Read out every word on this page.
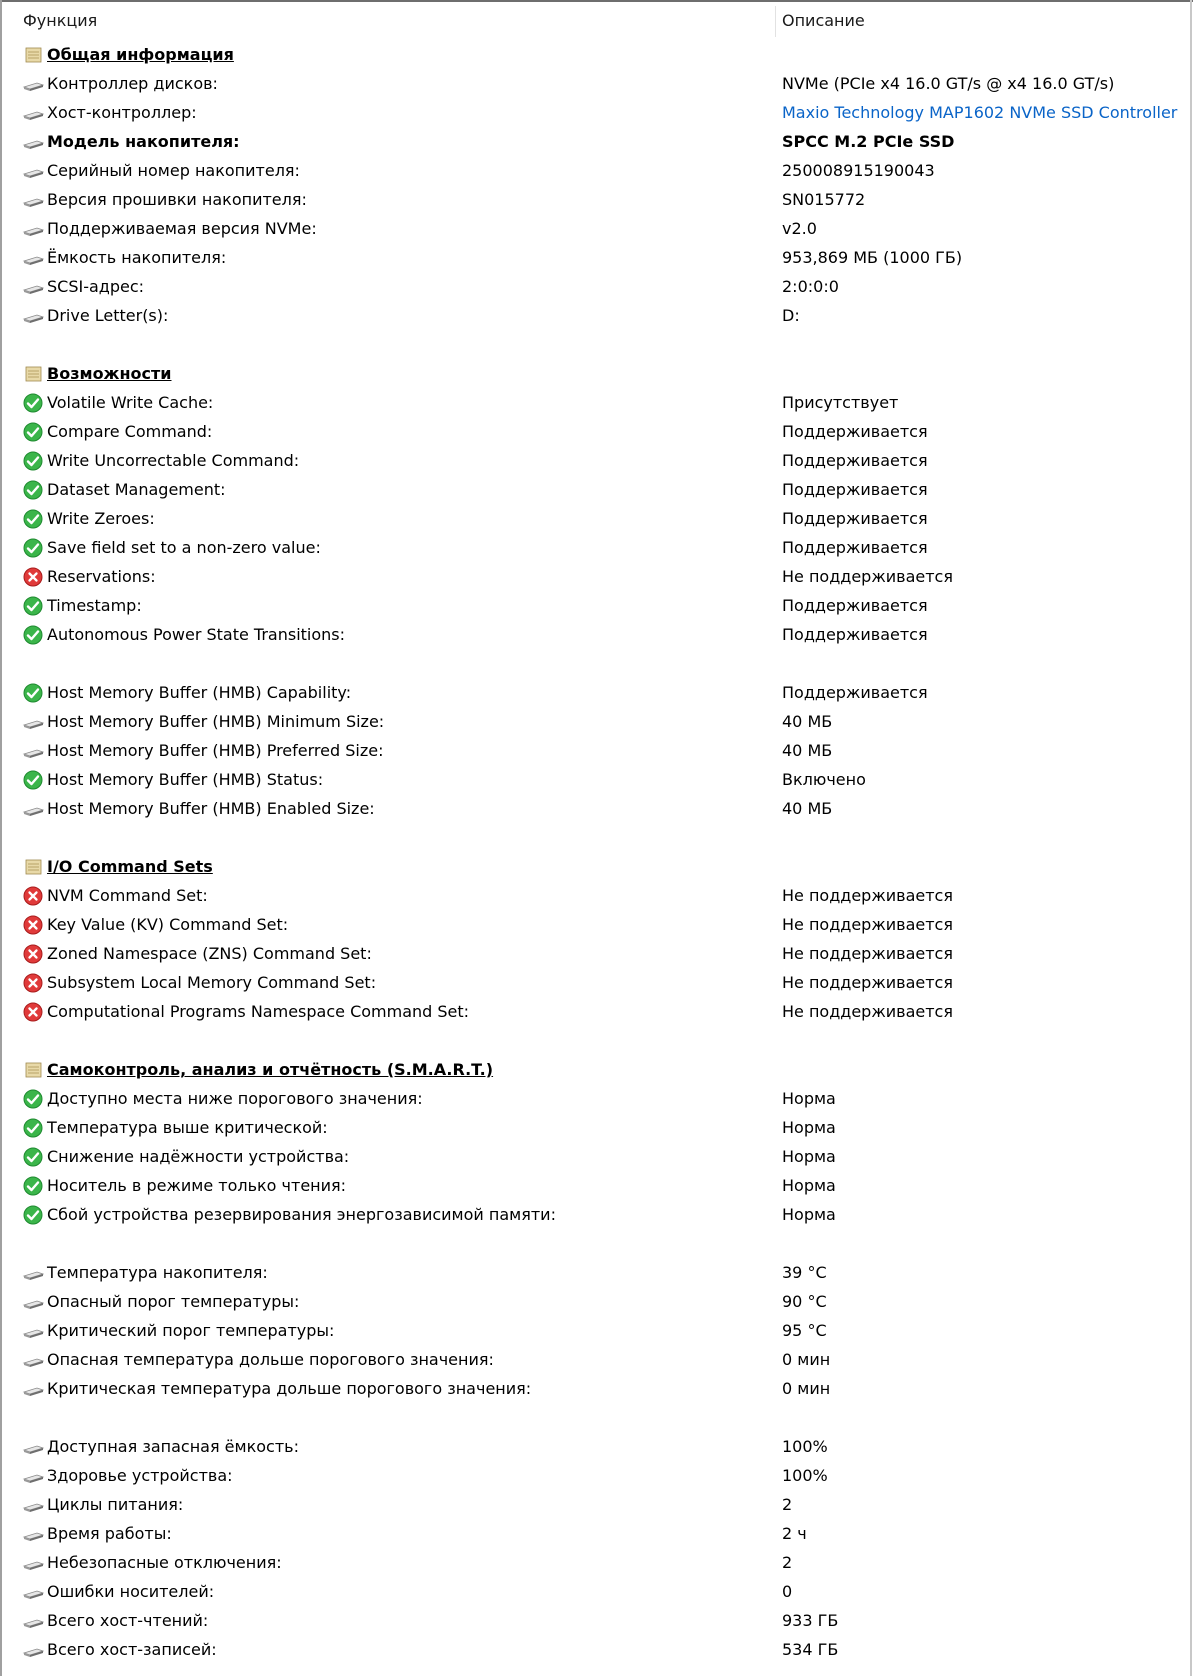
Функция	Описание
Общая информация
Контроллер дисков:	NVMe (PCIe x4 16.0 GT/s @ x4 16.0 GT/s)
Хост-контроллер:	Maxio Technology MAP1602 NVMe SSD Controller
Модель накопителя:	SPCC M.2 PCIe SSD
Серийный номер накопителя:	250008915190043
Версия прошивки накопителя:	SN015772
Поддерживаемая версия NVMe:	v2.0
Ёмкость накопителя:	953,869 МБ (1000 ГБ)
SCSI-адрес:	2:0:0:0
Drive Letter(s):	D:
Возможности
Volatile Write Cache:	Присутствует
Compare Command:	Поддерживается
Write Uncorrectable Command:	Поддерживается
Dataset Management:	Поддерживается
Write Zeroes:	Поддерживается
Save field set to a non-zero value:	Поддерживается
Reservations:	Не поддерживается
Timestamp:	Поддерживается
Autonomous Power State Transitions:	Поддерживается
Host Memory Buffer (HMB) Capability:	Поддерживается
Host Memory Buffer (HMB) Minimum Size:	40 МБ
Host Memory Buffer (HMB) Preferred Size:	40 МБ
Host Memory Buffer (HMB) Status:	Включено
Host Memory Buffer (HMB) Enabled Size:	40 МБ
I/O Command Sets
NVM Command Set:	Не поддерживается
Key Value (KV) Command Set:	Не поддерживается
Zoned Namespace (ZNS) Command Set:	Не поддерживается
Subsystem Local Memory Command Set:	Не поддерживается
Computational Programs Namespace Command Set:	Не поддерживается
Самоконтроль, анализ и отчётность (S.M.A.R.T.)
Доступно места ниже порогового значения:	Норма
Температура выше критической:	Норма
Снижение надёжности устройства:	Норма
Носитель в режиме только чтения:	Норма
Сбой устройства резервирования энергозависимой памяти:	Норма
Температура накопителя:	39 °C
Опасный порог температуры:	90 °C
Критический порог температуры:	95 °C
Опасная температура дольше порогового значения:	0 мин
Критическая температура дольше порогового значения:	0 мин
Доступная запасная ёмкость:	100%
Здоровье устройства:	100%
Циклы питания:	2
Время работы:	2 ч
Небезопасные отключения:	2
Ошибки носителей:	0
Всего хост-чтений:	933 ГБ
Всего хост-записей:	534 ГБ
